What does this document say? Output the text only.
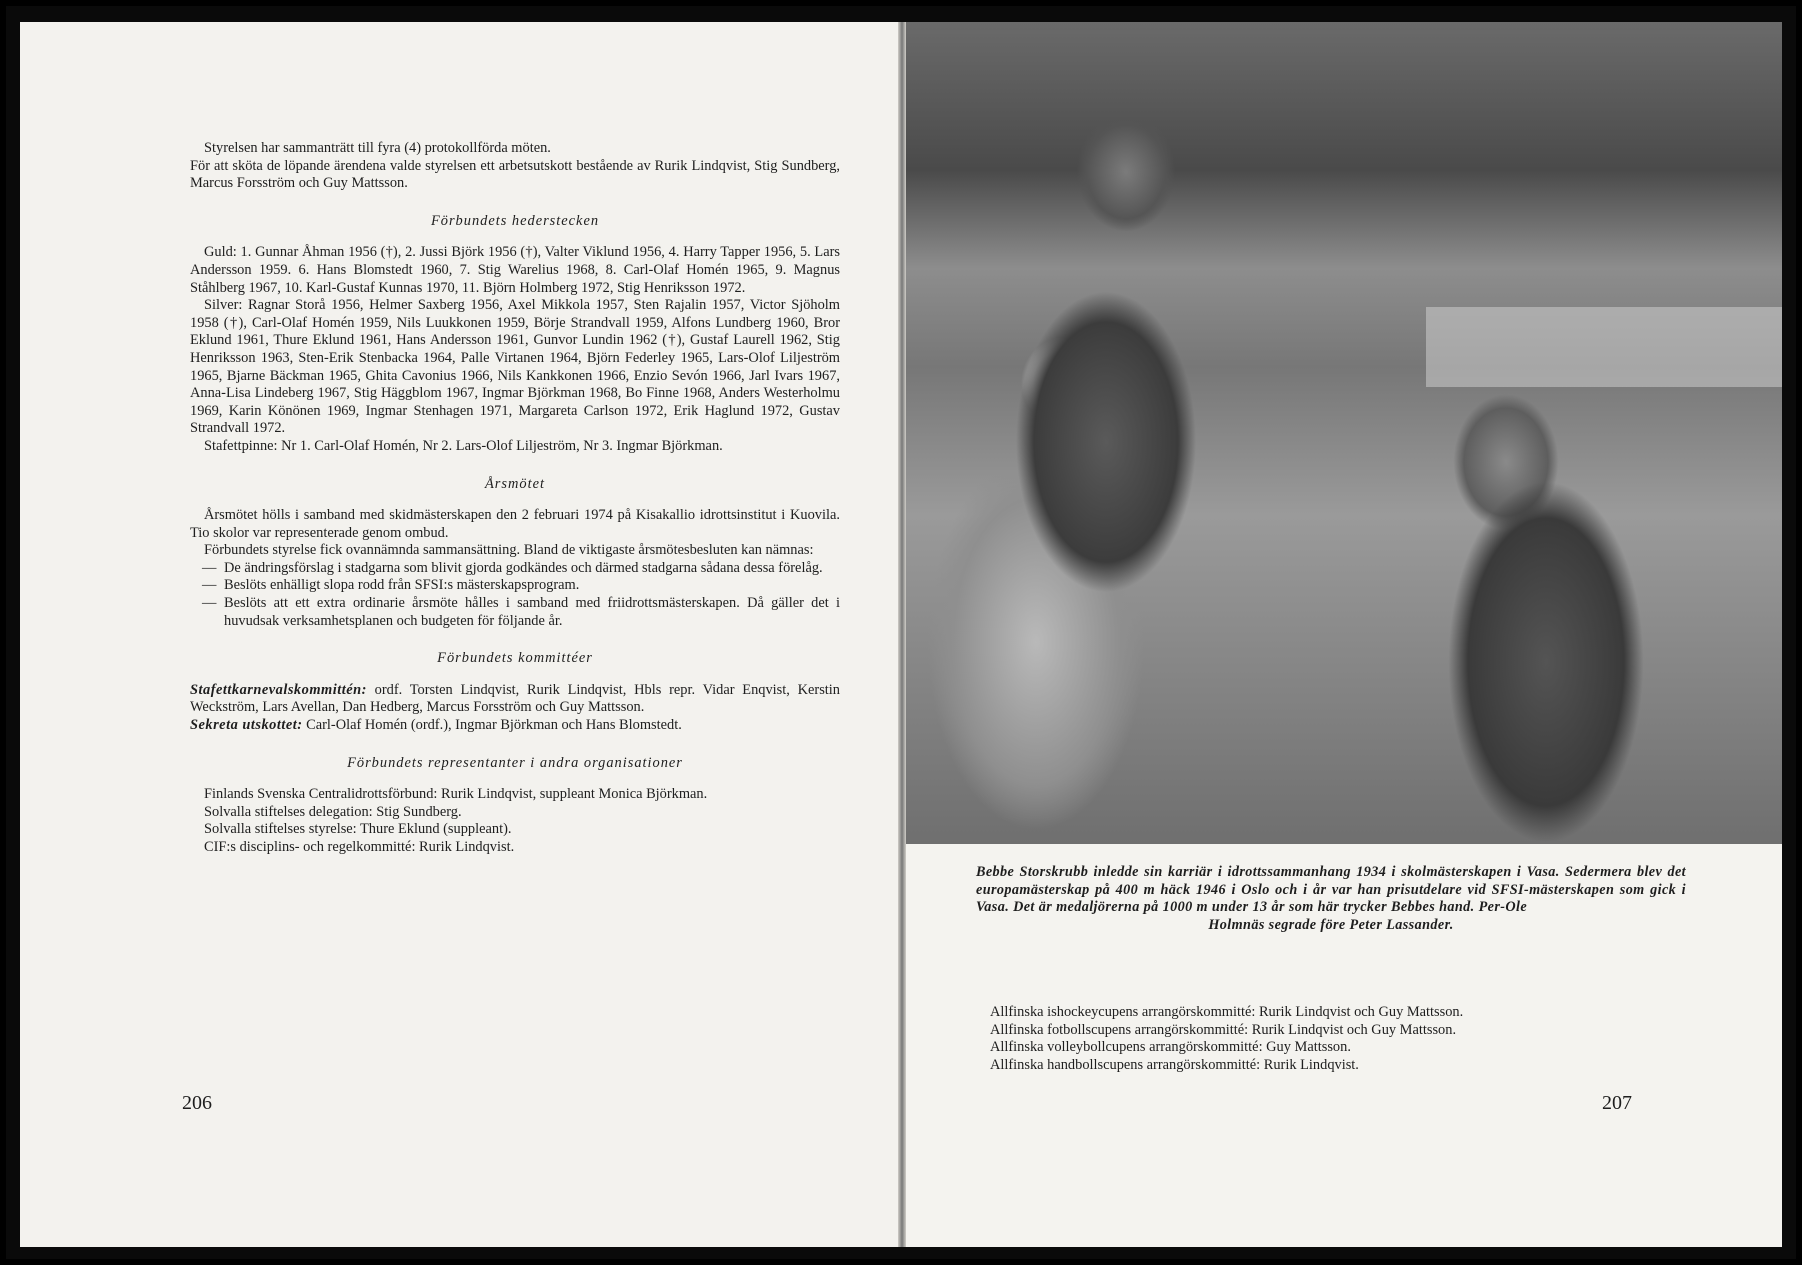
Styrelsen har sammanträtt till fyra (4) protokollförda möten.

För att sköta de löpande ärendena valde styrelsen ett arbetsutskott bestående av Rurik Lindqvist, Stig Sundberg, Marcus Forsström och Guy Mattsson.

Förbundets hederstecken

Guld: 1. Gunnar Åhman 1956 (†), 2. Jussi Björk 1956 (†), Valter Viklund 1956, 4. Harry Tapper 1956, 5. Lars Andersson 1959. 6. Hans Blomstedt 1960, 7. Stig Warelius 1968, 8. Carl-Olaf Homén 1965, 9. Magnus Ståhlberg 1967, 10. Karl-Gustaf Kunnas 1970, 11. Björn Holmberg 1972, Stig Henriksson 1972.

Silver: Ragnar Storå 1956, Helmer Saxberg 1956, Axel Mikkola 1957, Sten Rajalin 1957, Victor Sjöholm 1958 (†), Carl-Olaf Homén 1959, Nils Luukkonen 1959, Börje Strandvall 1959, Alfons Lundberg 1960, Bror Eklund 1961, Thure Eklund 1961, Hans Andersson 1961, Gunvor Lundin 1962 (†), Gustaf Laurell 1962, Stig Henriksson 1963, Sten-Erik Stenbacka 1964, Palle Virtanen 1964, Björn Federley 1965, Lars-Olof Liljeström 1965, Bjarne Bäckman 1965, Ghita Cavonius 1966, Nils Kankkonen 1966, Enzio Sevón 1966, Jarl Ivars 1967, Anna-Lisa Lindeberg 1967, Stig Häggblom 1967, Ingmar Björkman 1968, Bo Finne 1968, Anders Westerholmu 1969, Karin Könönen 1969, Ingmar Stenhagen 1971, Margareta Carlson 1972, Erik Haglund 1972, Gustav Strandvall 1972.

Stafettpinne: Nr 1. Carl-Olaf Homén, Nr 2. Lars-Olof Liljeström, Nr 3. Ingmar Björkman.

Årsmötet

Årsmötet hölls i samband med skidmästerskapen den 2 februari 1974 på Kisakallio idrottsinstitut i Kuovila. Tio skolor var representerade genom ombud.

Förbundets styrelse fick ovannämnda sammansättning. Bland de viktigaste årsmötesbesluten kan nämnas:

— De ändringsförslag i stadgarna som blivit gjorda godkändes och därmed stadgarna sådana dessa förelåg.

— Beslöts enhälligt slopa rodd från SFSI:s mästerskapsprogram.

— Beslöts att ett extra ordinarie årsmöte hålles i samband med friidrottsmästerskapen. Då gäller det i huvudsak verksamhetsplanen och budgeten för följande år.

Förbundets kommittéer

Stafettkarnevalskommittén: ordf. Torsten Lindqvist, Rurik Lindqvist, Hbls repr. Vidar Enqvist, Kerstin Weckström, Lars Avellan, Dan Hedberg, Marcus Forsström och Guy Mattsson.

Sekreta utskottet: Carl-Olaf Homén (ordf.), Ingmar Björkman och Hans Blomstedt.

Förbundets representanter i andra organisationer

Finlands Svenska Centralidrottsförbund: Rurik Lindqvist, suppleant Monica Björkman.

Solvalla stiftelses delegation: Stig Sundberg.

Solvalla stiftelses styrelse: Thure Eklund (suppleant).

CIF:s disciplins- och regelkommitté: Rurik Lindqvist.

206
Bebbe Storskrubb inledde sin karriär i idrottssammanhang 1934 i skolmästerskapen i Vasa. Sedermera blev det europamästerskap på 400 m häck 1946 i Oslo och i år var han prisutdelare vid SFSI-mästerskapen som gick i Vasa. Det är medaljörerna på 1000 m under 13 år som här trycker Bebbes hand. Per-Ole
Holmnäs segrade före Peter Lassander.

Allfinska ishockeycupens arrangörskommitté: Rurik Lindqvist och Guy Mattsson.

Allfinska fotbollscupens arrangörskommitté: Rurik Lindqvist och Guy Mattsson.

Allfinska volleybollcupens arrangörskommitté: Guy Mattsson.

Allfinska handbollscupens arrangörskommitté: Rurik Lindqvist.

207
